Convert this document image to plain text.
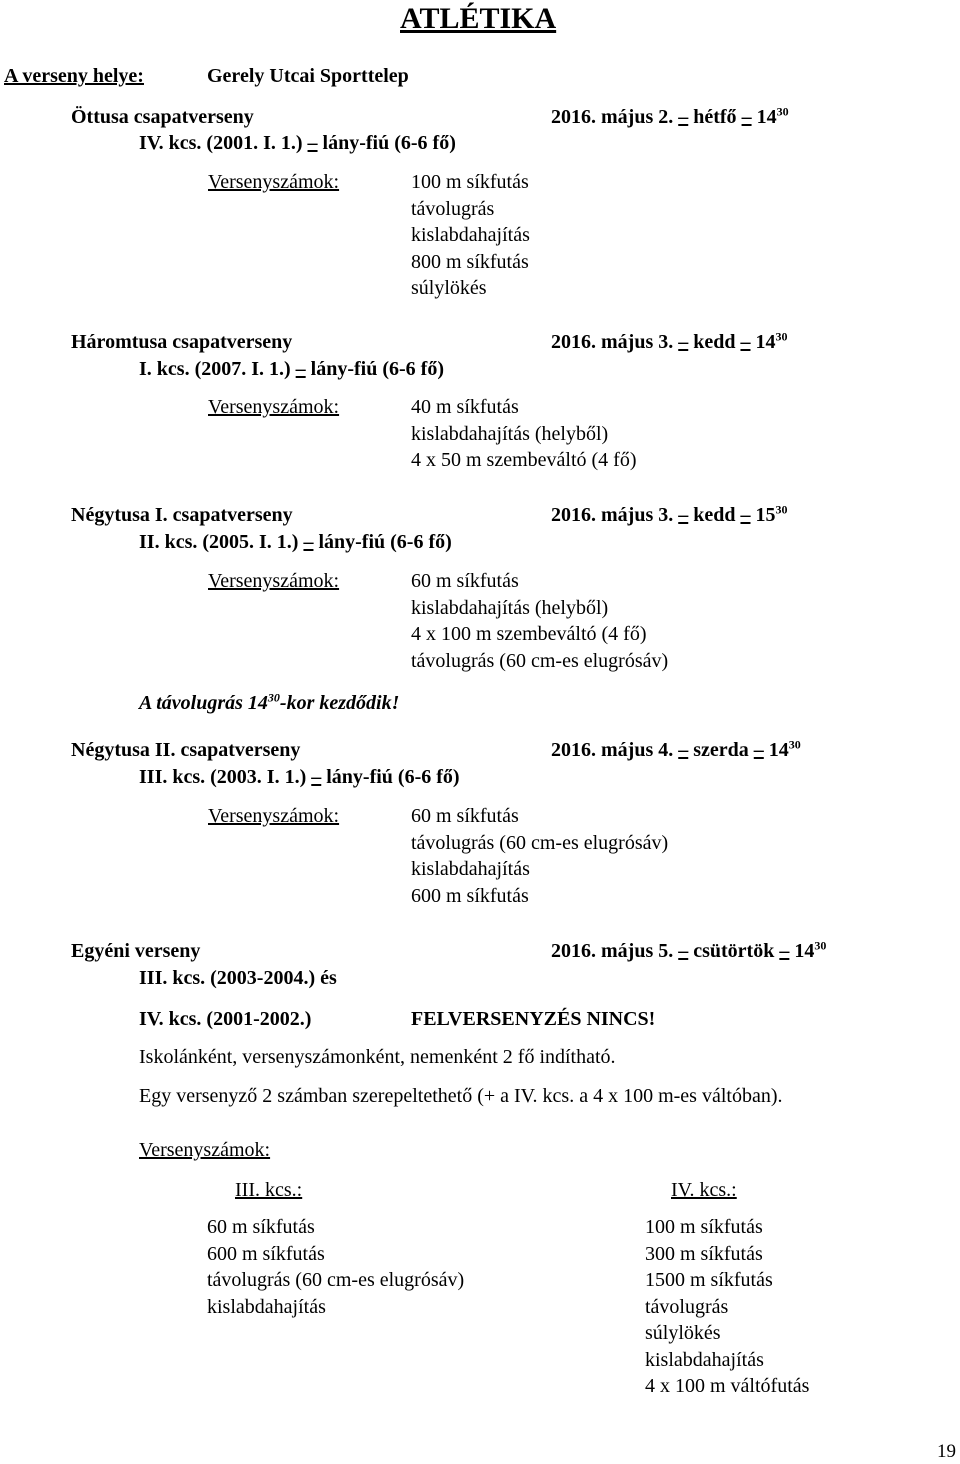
ATLÉTIKA
A verseny helye:	Gerely Utcai Sporttelep
Öttusa csapatverseny	2016. május 2. – hétfő – $14^{30}$
IV. kcs. (2001. I. 1.) – lány-fiú (6-6 fő)
Versenyszámok:	100 m síkfutás
távolugrás
kislabdahajítás
800 m síkfutás
súlylökés
Háromtusa csapatverseny	2016. május 3. – kedd – $14^{30}$
I. kcs. (2007. I. 1.) – lány-fiú (6-6 fő)
Versenyszámok:	40 m síkfutás
kislabdahajítás (helyből)
4 x 50 m szembeváltó (4 fő)
Négytusa I. csapatverseny	2016. május 3. – kedd – $15^{30}$
II. kcs. (2005. I. 1.) – lány-fiú (6-6 fő)
Versenyszámok:	60 m síkfutás
kislabdahajítás (helyből)
4 x 100 m szembeváltó (4 fő)
távolugrás (60 cm-es elugrósáv)
A távolugrás $14^{30}$-kor kezdődik!
Négytusa II. csapatverseny	2016. május 4. – szerda – $14^{30}$
III. kcs. (2003. I. 1.) – lány-fiú (6-6 fő)
Versenyszámok:	60 m síkfutás
távolugrás (60 cm-es elugrósáv)
kislabdahajítás
600 m síkfutás
Egyéni verseny	2016. május 5. – csütörtök – $14^{30}$
III. kcs. (2003-2004.) és
IV. kcs. (2001-2002.)	FELVERSENYZÉS NINCS!
Iskolánként, versenyszámonként, nemenként 2 fő indítható.
Egy versenyző 2 számban szerepeltethető (+ a IV. kcs. a 4 x 100 m-es váltóban).
Versenyszámok:
III. kcs.:
60 m síkfutás
600 m síkfutás
távolugrás (60 cm-es elugrósáv)
kislabdahajítás
IV. kcs.:
100 m síkfutás
300 m síkfutás
1500 m síkfutás
távolugrás
súlylökés
kislabdahajítás
4 x 100 m váltófutás
19
